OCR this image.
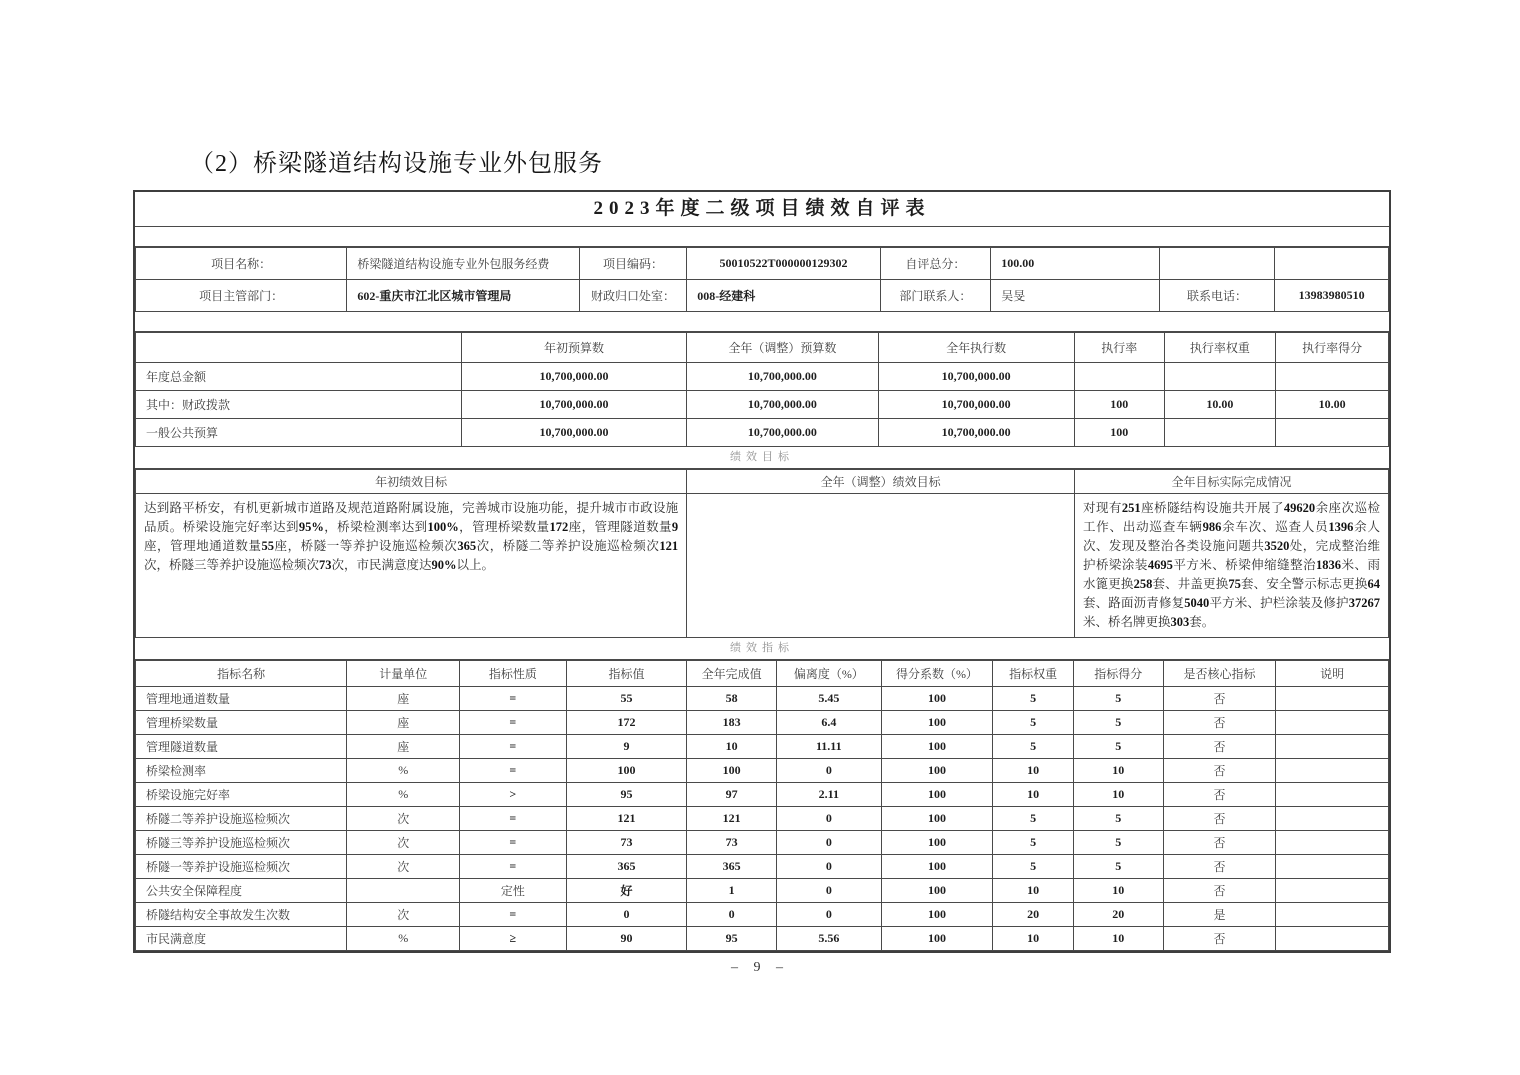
（2）桥梁隧道结构设施专业外包服务
2023年度二级项目绩效自评表
项目名称：	桥梁隧道结构设施专业外包服务经费	项目编码：	50010522T000000129302	自评总分：	100.00		
项目主管部门：	602-重庆市江北区城市管理局	财政归口处室：	008-经建科	部门联系人：	吴旻	联系电话：	13983980510
	年初预算数	全年（调整）预算数	全年执行数	执行率	执行率权重	执行率得分
年度总金额	10,700,000.00	10,700,000.00	10,700,000.00			
其中：财政拨款	10,700,000.00	10,700,000.00	10,700,000.00	100	10.00	10.00
一般公共预算	10,700,000.00	10,700,000.00	10,700,000.00	100		
绩效目标
年初绩效目标	全年（调整）绩效目标	全年目标实际完成情况
达到路平桥安，有机更新城市道路及规范道路附属设施，完善城市设施功能，提升城市市政设施品质。桥梁设施完好率达到95%，桥梁检测率达到100%，管理桥梁数量172座，管理隧道数量9座，管理地通道数量55座，桥隧一等养护设施巡检频次365次，桥隧二等养护设施巡检频次121次，桥隧三等养护设施巡检频次73次，市民满意度达90%以上。		对现有251座桥隧结构设施共开展了49620余座次巡检工作、出动巡查车辆986余车次、巡查人员1396余人次、发现及整治各类设施问题共3520处，完成整治维护桥梁涂装4695平方米、桥梁伸缩缝整治1836米、雨水篦更换258套、井盖更换75套、安全警示标志更换64套、路面沥青修复5040平方米、护栏涂装及修护37267米、桥名牌更换303套。
绩效指标
指标名称	计量单位	指标性质	指标值	全年完成值	偏离度（%）	得分系数（%）	指标权重	指标得分	是否核心指标	说明
管理地通道数量	座	=	55	58	5.45	100	5	5	否	
管理桥梁数量	座	=	172	183	6.4	100	5	5	否	
管理隧道数量	座	=	9	10	11.11	100	5	5	否	
桥梁检测率	%	=	100	100	0	100	10	10	否	
桥梁设施完好率	%	>	95	97	2.11	100	10	10	否	
桥隧二等养护设施巡检频次	次	=	121	121	0	100	5	5	否	
桥隧三等养护设施巡检频次	次	=	73	73	0	100	5	5	否	
桥隧一等养护设施巡检频次	次	=	365	365	0	100	5	5	否	
公共安全保障程度		定性	好	1	0	100	10	10	否	
桥隧结构安全事故发生次数	次	=	0	0	0	100	20	20	是	
市民满意度	%	≥	90	95	5.56	100	10	10	否	
– 9 –
